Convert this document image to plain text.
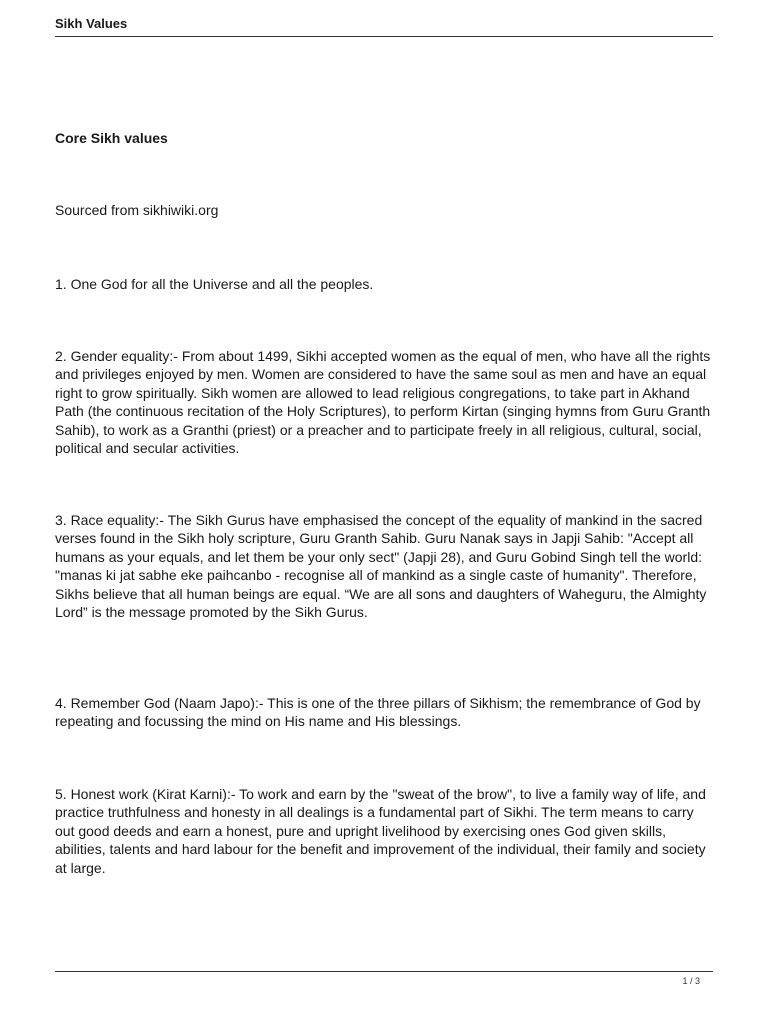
Sikh Values
Core Sikh values

Sourced from sikhiwiki.org

1. One God for all the Universe and all the peoples.

2. Gender equality:- From about 1499, Sikhi accepted women as the equal of men, who have all the rights and privileges enjoyed by men. Women are considered to have the same soul as men and have an equal right to grow spiritually. Sikh women are allowed to lead religious congregations, to take part in Akhand Path (the continuous recitation of the Holy Scriptures), to perform Kirtan (singing hymns from Guru Granth Sahib), to work as a Granthi (priest) or a preacher and to participate freely in all religious, cultural, social, political and secular activities.

3. Race equality:- The Sikh Gurus have emphasised the concept of the equality of mankind in the sacred verses found in the Sikh holy scripture, Guru Granth Sahib. Guru Nanak says in Japji Sahib: "Accept all humans as your equals, and let them be your only sect" (Japji 28), and Guru Gobind Singh tell the world: "manas ki jat sabhe eke paihcanbo - recognise all of mankind as a single caste of humanity". Therefore, Sikhs believe that all human beings are equal. “We are all sons and daughters of Waheguru, the Almighty Lord” is the message promoted by the Sikh Gurus.

4. Remember God (Naam Japo):- This is one of the three pillars of Sikhism; the remembrance of God by repeating and focussing the mind on His name and His blessings.

5. Honest work (Kirat Karni):- To work and earn by the "sweat of the brow", to live a family way of life, and practice truthfulness and honesty in all dealings is a fundamental part of Sikhi. The term means to carry out good deeds and earn a honest, pure and upright livelihood by exercising ones God given skills, abilities, talents and hard labour for the benefit and improvement of the individual, their family and society at large.

1 / 3
